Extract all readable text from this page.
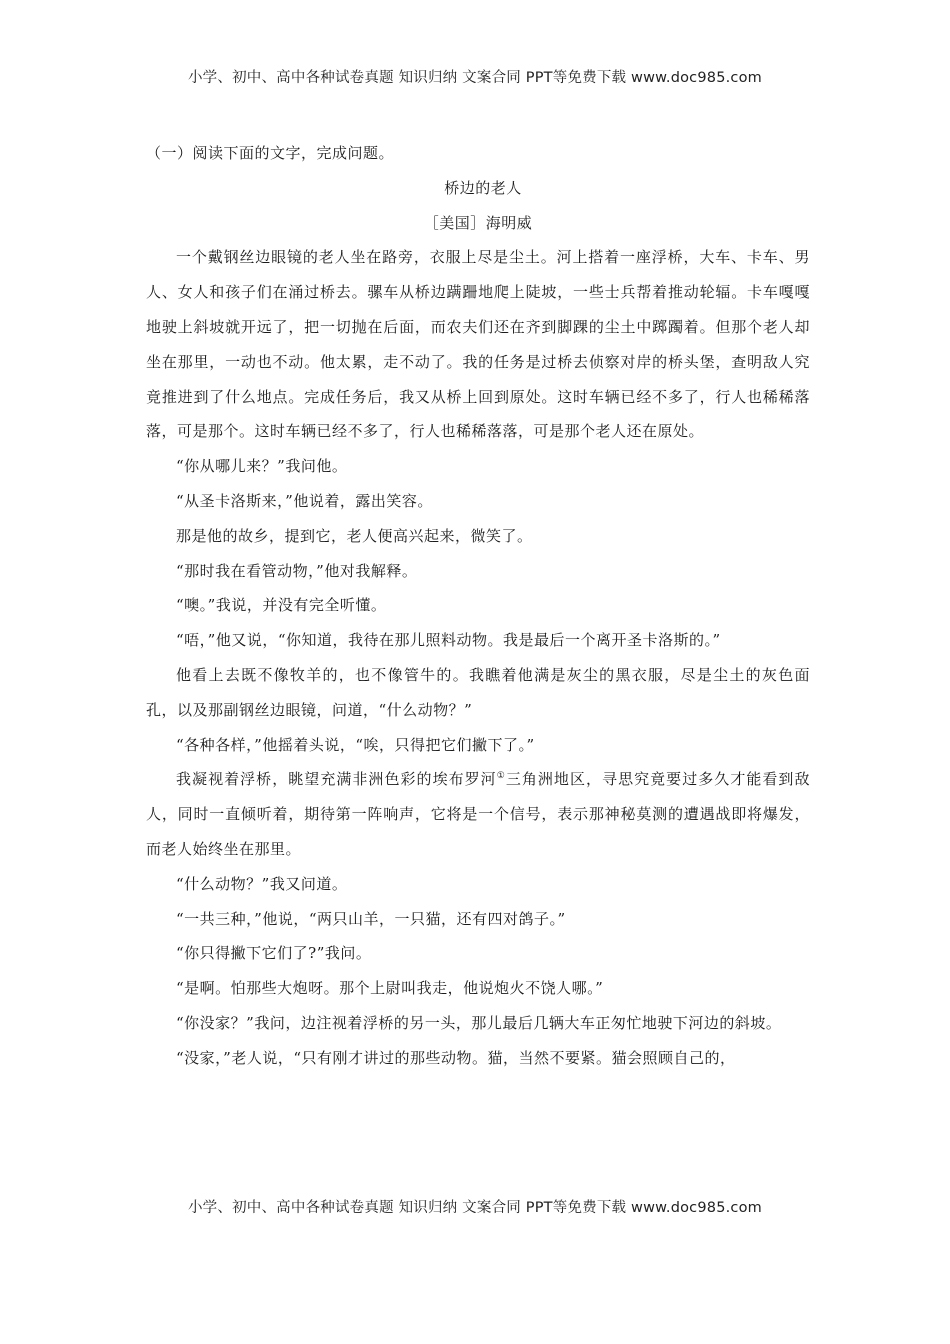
小学、初中、高中各种试卷真题 知识归纳 文案合同 PPT等免费下载 www.doc985.com

（一）阅读下面的文字，完成问题。

桥边的老人

［美国］海明威

一个戴钢丝边眼镜的老人坐在路旁，衣服上尽是尘土。河上搭着一座浮桥，大车、卡车、男人、女人和孩子们在涌过桥去。骡车从桥边蹒跚地爬上陡坡，一些士兵帮着推动轮辐。卡车嘎嘎地驶上斜坡就开远了，把一切抛在后面，而农夫们还在齐到脚踝的尘土中踯躅着。但那个老人却坐在那里，一动也不动。他太累，走不动了。我的任务是过桥去侦察对岸的桥头堡，查明敌人究竟推进到了什么地点。完成任务后，我又从桥上回到原处。这时车辆已经不多了，行人也稀稀落落，可是那个。这时车辆已经不多了，行人也稀稀落落，可是那个老人还在原处。

“你从哪儿来？”我问他。

“从圣卡洛斯来，”他说着，露出笑容。

那是他的故乡，提到它，老人便高兴起来，微笑了。

“那时我在看管动物，”他对我解释。

“噢。”我说，并没有完全听懂。

“唔，”他又说，“你知道，我待在那儿照料动物。我是最后一个离开圣卡洛斯的。”

他看上去既不像牧羊的，也不像管牛的。我瞧着他满是灰尘的黑衣服，尽是尘土的灰色面孔，以及那副钢丝边眼镜，问道，“什么动物？”

“各种各样，”他摇着头说，“唉，只得把它们撇下了。”

我凝视着浮桥，眺望充满非洲色彩的埃布罗河①三角洲地区，寻思究竟要过多久才能看到敌人，同时一直倾听着，期待第一阵响声，它将是一个信号，表示那神秘莫测的遭遇战即将爆发，而老人始终坐在那里。

“什么动物？”我又问道。

“一共三种，”他说，“两只山羊，一只猫，还有四对鸽子。”

“你只得撇下它们了?”我问。

“是啊。怕那些大炮呀。那个上尉叫我走，他说炮火不饶人哪。”

“你没家？”我问，边注视着浮桥的另一头，那儿最后几辆大车正匆忙地驶下河边的斜坡。

“没家，”老人说，“只有刚才讲过的那些动物。猫，当然不要紧。猫会照顾自己的，

小学、初中、高中各种试卷真题 知识归纳 文案合同 PPT等免费下载 www.doc985.com
